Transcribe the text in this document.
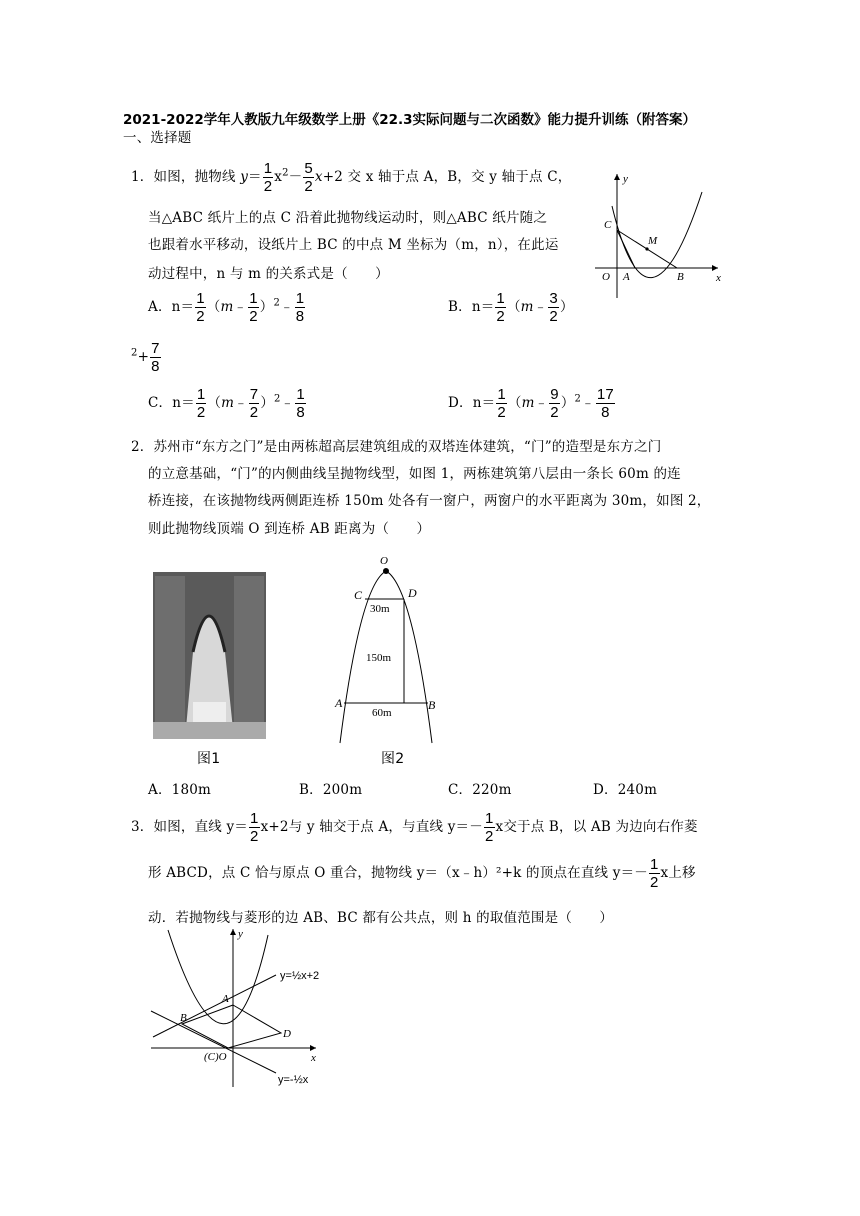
2021-2022学年人教版九年级数学上册《22.3实际问题与二次函数》能力提升训练（附答案）
一、选择题
1．如图，抛物线 $y= \frac{1}{2} x^2- \frac{5}{2} x+2$ 交 x 轴于点 A，B，交 y 轴于点 C，
当△ABC 纸片上的点 C 沿着此抛物线运动时，则△ABC 纸片随之
也跟着水平移动，设纸片上 BC 的中点 M 坐标为（m，n），在此运
动过程中，n 与 m 的关系式是（　　）
A．$n= \frac{1}{2}$ （m﹣ $\frac{1}{2}$ ）$^2$﹣ $\frac{1}{8}$	B．$n= \frac{1}{2}$ （m﹣ $\frac{3}{2}$ ）
$^2+ \frac{7}{8}$
C．$n= \frac{1}{2}$ （m﹣ $\frac{7}{2}$ ）$^2$﹣ $\frac{1}{8}$	D．$n= \frac{1}{2}$ （m﹣ $\frac{9}{2}$ ）$^2$﹣ $\frac{17}{8}$
y
x
O A	B
C
M
2．苏州市“东方之门”是由两栋超高层建筑组成的双塔连体建筑，“门”的造型是东方之门
的立意基础，“门”的内侧曲线呈抛物线型，如图 1，两栋建筑第八层由一条长 60m 的连
桥连接，在该抛物线两侧距连桥 150m 处各有一窗户，两窗户的水平距离为 30m，如图 2，
则此抛物线顶端 O 到连桥 AB 距离为（　　）
图1
O
C	D
A	B
30m
150m
60m
图2
A．180m	B．200m	C．220m	D．240m
3．如图，直线 $y= \frac{1}{2} x+2$与 y 轴交于点 A，与直线 $y=- \frac{1}{2}$ x交于点 B，以 AB 为边向右作菱
形 ABCD，点 C 恰与原点 O 重合，抛物线 y＝（x﹣h）²+k 的顶点在直线 $y=- \frac{1}{2}$ x上移
动．若抛物线与菱形的边 AB、BC 都有公共点，则 h 的取值范围是（　　）
y
x
A
B
D
(C)O
y=½x+2
y=-½x
